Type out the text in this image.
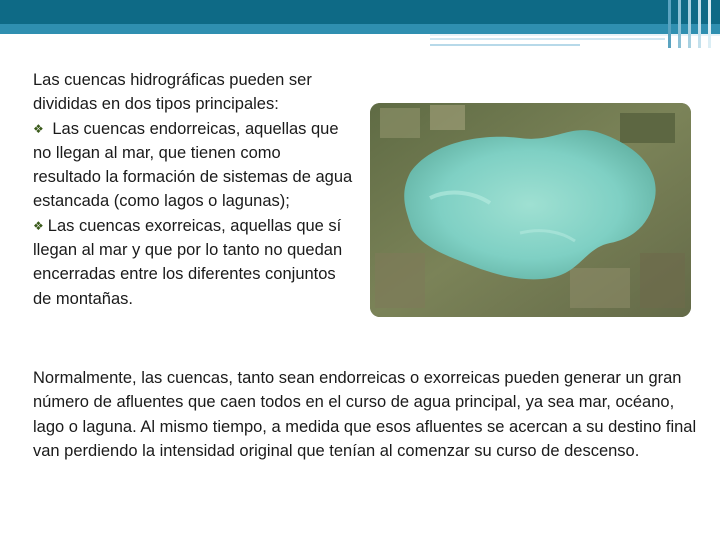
Las cuencas hidrográficas pueden ser divididas en dos tipos principales:

❖ Las cuencas endorreicas, aquellas que no llegan al mar, que tienen como resultado la formación de sistemas de agua estancada (como lagos o lagunas);

❖ Las cuencas exorreicas, aquellas que sí llegan al mar y que por lo tanto no quedan encerradas entre los diferentes conjuntos de montañas.

Normalmente, las cuencas, tanto sean endorreicas o exorreicas pueden generar un gran número de afluentes que caen todos en el curso de agua principal, ya sea mar, océano, lago o laguna. Al mismo tiempo, a medida que esos afluentes se acercan a su destino final van perdiendo la intensidad original que tenían al comenzar su curso de descenso.
